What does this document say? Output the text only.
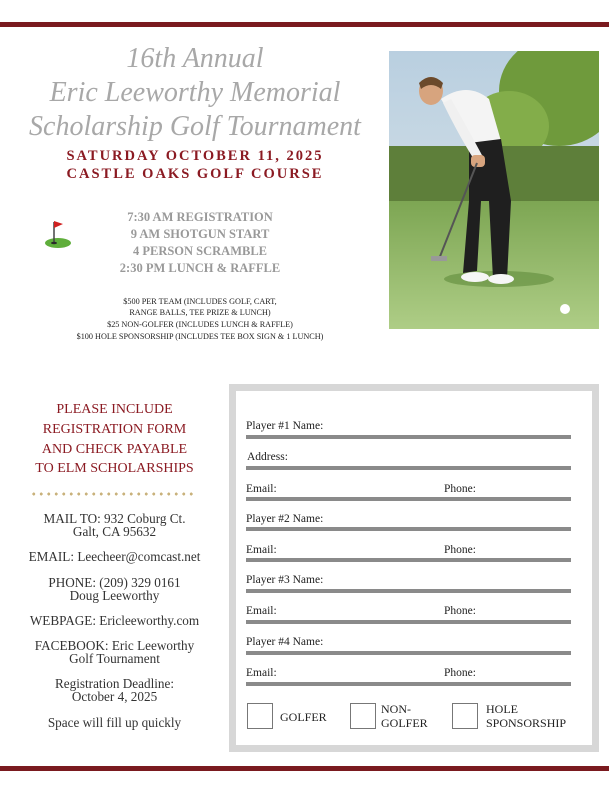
16th Annual
Eric Leeworthy Memorial
Scholarship Golf Tournament
SATURDAY OCTOBER 11, 2025
CASTLE OAKS GOLF COURSE
7:30 AM REGISTRATION
9 AM SHOTGUN START
4 PERSON SCRAMBLE
2:30 PM LUNCH & RAFFLE
$500 PER TEAM (INCLUDES GOLF, CART,
RANGE BALLS, TEE PRIZE & LUNCH)
$25 NON-GOLFER (INCLUDES LUNCH & RAFFLE)
$100 HOLE SPONSORSHIP (INCLUDES TEE BOX SIGN & 1 LUNCH)
PLEASE INCLUDE
REGISTRATION FORM
AND CHECK PAYABLE
TO ELM SCHOLARSHIPS
MAIL TO: 932 Coburg Ct.
Galt, CA 95632
EMAIL: Leecheer@comcast.net
PHONE: (209) 329 0161
Doug Leeworthy
WEBPAGE: Ericleeworthy.com
FACEBOOK: Eric Leeworthy
Golf Tournament
Registration Deadline:
October 4, 2025
Space will fill up quickly
Player #1 Name:
Address:
Email:	Phone:
Player #2 Name:
Email:	Phone:
Player #3 Name:
Email:	Phone:
Player #4 Name:
Email:	Phone:
GOLFER
NON-
GOLFER
HOLE
SPONSORSHIP
